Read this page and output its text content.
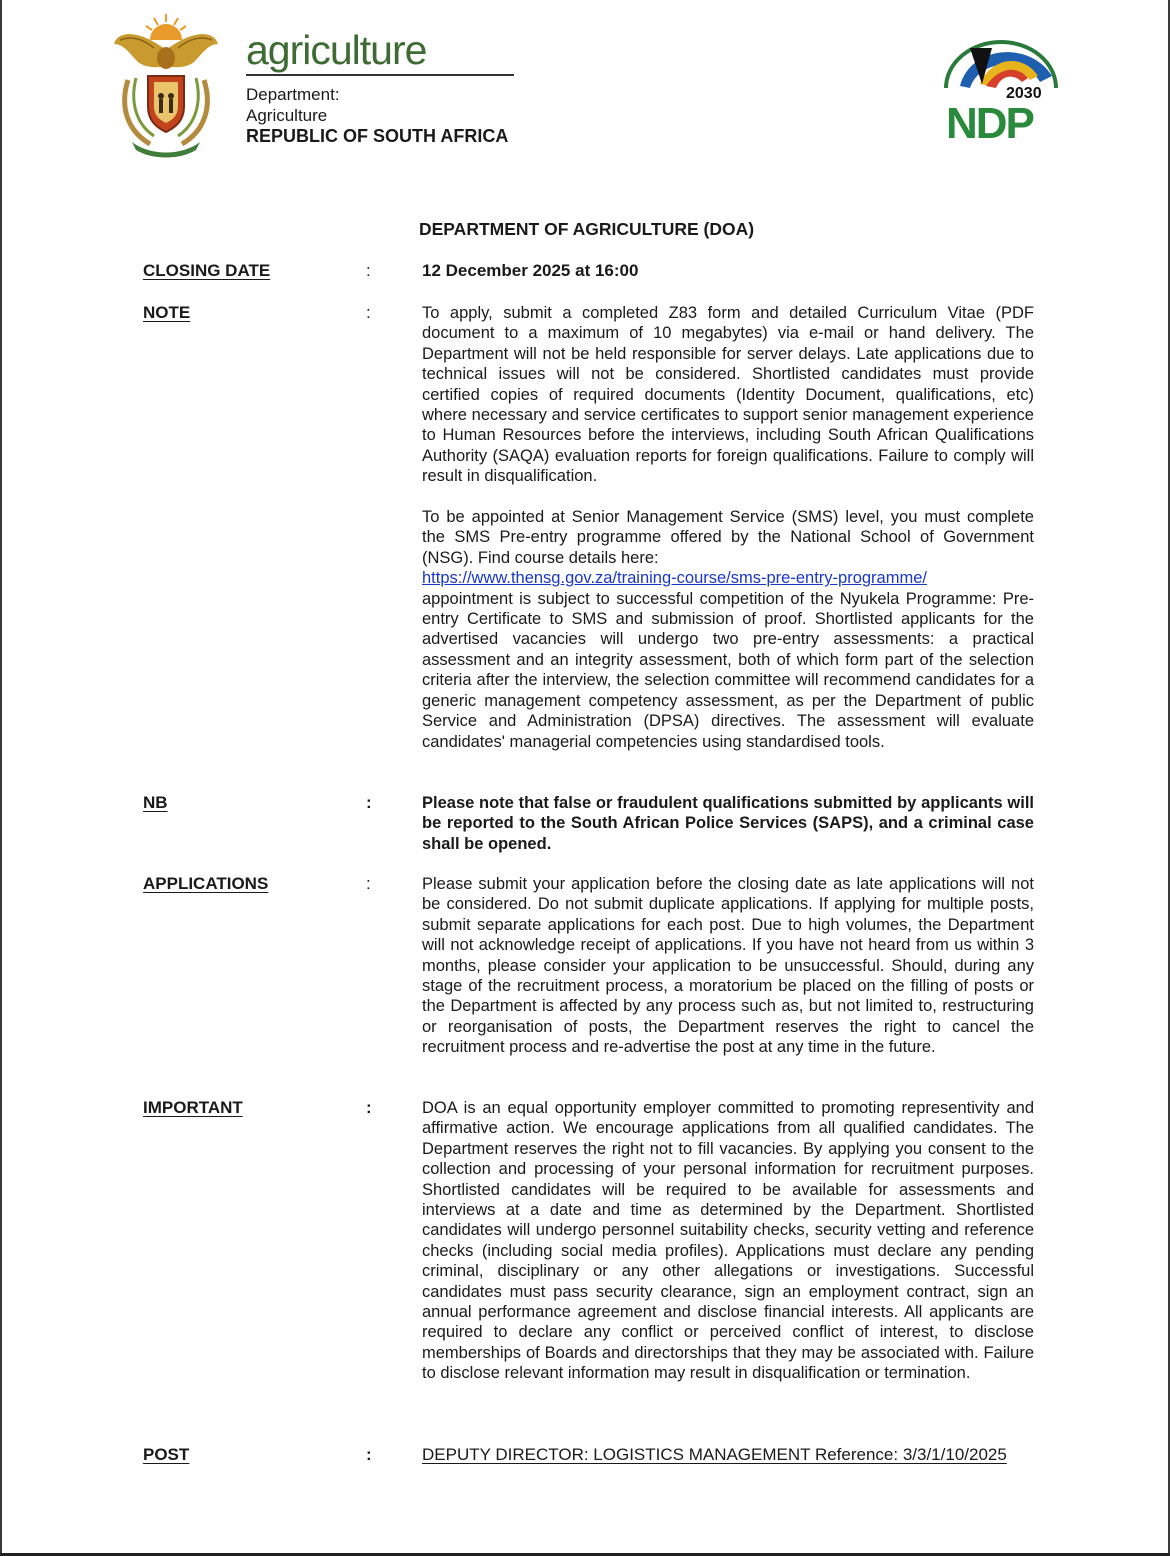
agriculture
Department:
Agriculture
REPUBLIC OF SOUTH AFRICA
2030
NDP
DEPARTMENT OF AGRICULTURE (DOA)
CLOSING DATE	:	12 December 2025 at 16:00
NOTE	:	To apply, submit a completed Z83 form and detailed Curriculum Vitae (PDF document to a maximum of 10 megabytes) via e-mail or hand delivery. The Department will not be held responsible for server delays. Late applications due to technical issues will not be considered. Shortlisted candidates must provide certified copies of required documents (Identity Document, qualifications, etc) where necessary and service certificates to support senior management experience to Human Resources before the interviews, including South African Qualifications Authority (SAQA) evaluation reports for foreign qualifications. Failure to comply will result in disqualification.

To be appointed at Senior Management Service (SMS) level, you must complete the SMS Pre-entry programme offered by the National School of Government (NSG). Find course details here:
https://www.thensg.gov.za/training-course/sms-pre-entry-programme/
appointment is subject to successful competition of the Nyukela Programme: Pre-entry Certificate to SMS and submission of proof. Shortlisted applicants for the advertised vacancies will undergo two pre-entry assessments: a practical assessment and an integrity assessment, both of which form part of the selection criteria after the interview, the selection committee will recommend candidates for a generic management competency assessment, as per the Department of public Service and Administration (DPSA) directives. The assessment will evaluate candidates' managerial competencies using standardised tools.

NB	:	Please note that false or fraudulent qualifications submitted by applicants will be reported to the South African Police Services (SAPS), and a criminal case shall be opened.
APPLICATIONS	:	Please submit your application before the closing date as late applications will not be considered. Do not submit duplicate applications. If applying for multiple posts, submit separate applications for each post. Due to high volumes, the Department will not acknowledge receipt of applications. If you have not heard from us within 3 months, please consider your application to be unsuccessful. Should, during any stage of the recruitment process, a moratorium be placed on the filling of posts or the Department is affected by any process such as, but not limited to, restructuring or reorganisation of posts, the Department reserves the right to cancel the recruitment process and re-advertise the post at any time in the future.
IMPORTANT	:	DOA is an equal opportunity employer committed to promoting representivity and affirmative action. We encourage applications from all qualified candidates. The Department reserves the right not to fill vacancies. By applying you consent to the collection and processing of your personal information for recruitment purposes. Shortlisted candidates will be required to be available for assessments and interviews at a date and time as determined by the Department. Shortlisted candidates will undergo personnel suitability checks, security vetting and reference checks (including social media profiles). Applications must declare any pending criminal, disciplinary or any other allegations or investigations. Successful candidates must pass security clearance, sign an employment contract, sign an annual performance agreement and disclose financial interests. All applicants are required to declare any conflict or perceived conflict of interest, to disclose memberships of Boards and directorships that they may be associated with. Failure to disclose relevant information may result in disqualification or termination.
POST	:	DEPUTY DIRECTOR: LOGISTICS MANAGEMENT Reference: 3/3/1/10/2025
